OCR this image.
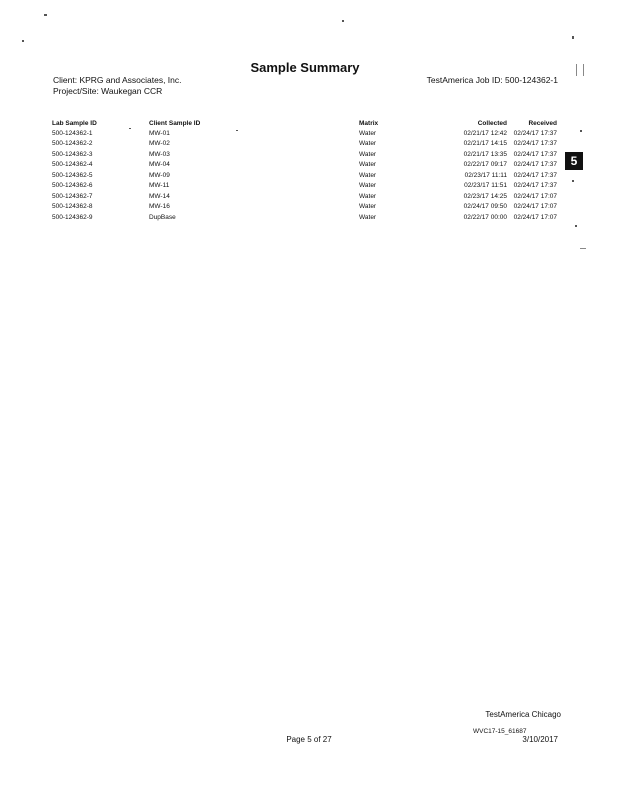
Sample Summary
Client: KPRG and Associates, Inc.
Project/Site: Waukegan CCR
TestAmerica Job ID: 500-124362-1
Lab Sample ID	Client Sample ID	Matrix	Collected	Received
500-124362-1	MW-01	Water	02/21/17 12:42	02/24/17 17:37
500-124362-2	MW-02	Water	02/21/17 14:15	02/24/17 17:37
500-124362-3	MW-03	Water	02/21/17 13:35	02/24/17 17:37
500-124362-4	MW-04	Water	02/22/17 09:17	02/24/17 17:37
500-124362-5	MW-09	Water	02/23/17 11:11	02/24/17 17:37
500-124362-6	MW-11	Water	02/23/17 11:51	02/24/17 17:37
500-124362-7	MW-14	Water	02/23/17 14:25	02/24/17 17:07
500-124362-8	MW-16	Water	02/24/17 09:50	02/24/17 17:07
500-124362-9	DupBase	Water	02/22/17 00:00	02/24/17 17:07
5
TestAmerica Chicago
WVC17-15_61687
Page 5 of 27	3/10/2017
